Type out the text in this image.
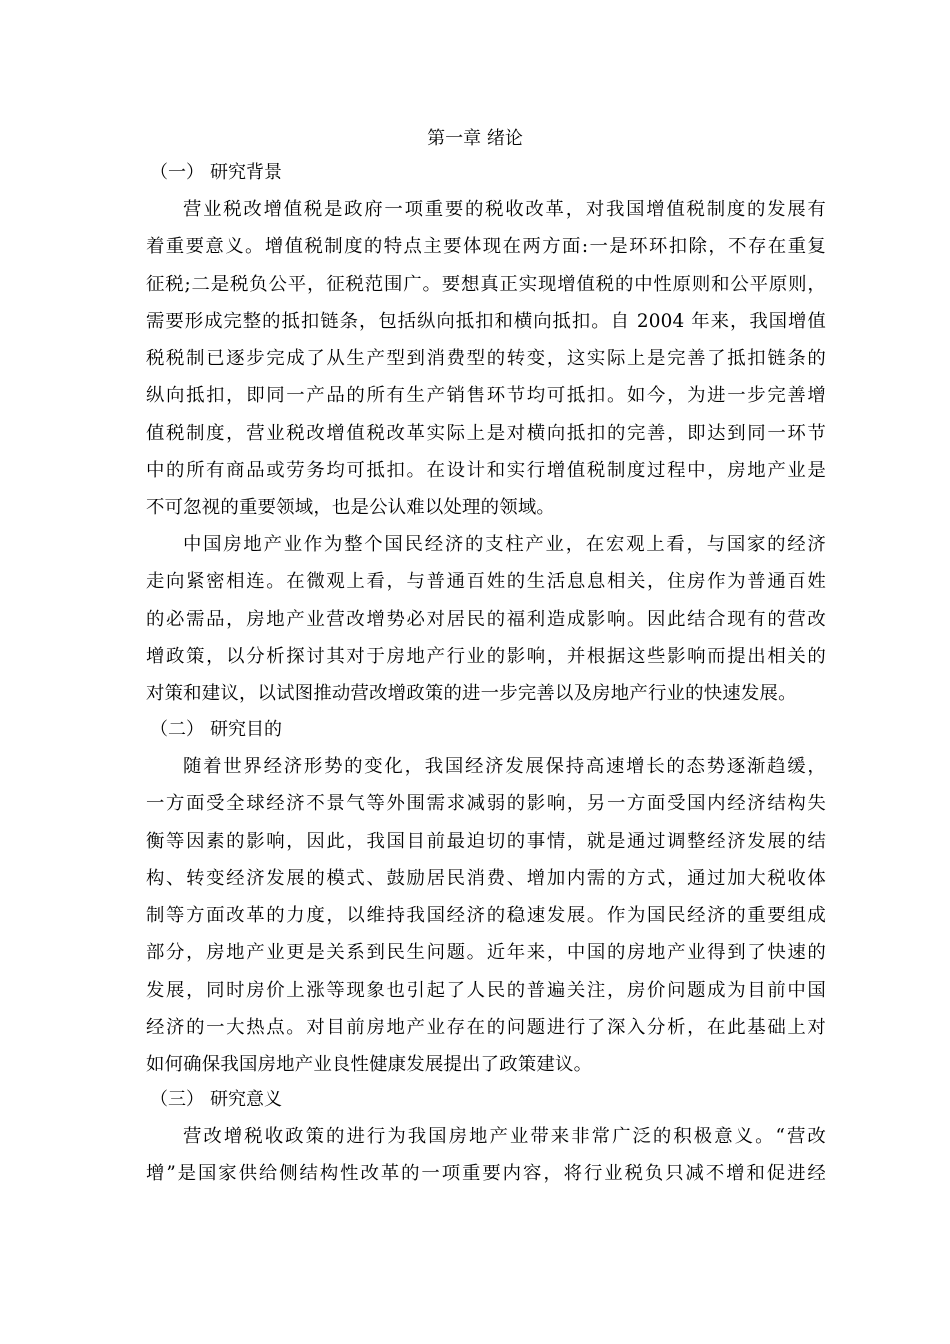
第一章 绪论
（一） 研究背景
营业税改增值税是政府一项重要的税收改革，对我国增值税制度的发展有
着重要意义。增值税制度的特点主要体现在两方面:一是环环扣除，不存在重复
征税;二是税负公平，征税范围广。要想真正实现增值税的中性原则和公平原则，
需要形成完整的抵扣链条，包括纵向抵扣和横向抵扣。自 2004 年来，我国增值
税税制已逐步完成了从生产型到消费型的转变，这实际上是完善了抵扣链条的
纵向抵扣，即同一产品的所有生产销售环节均可抵扣。如今，为进一步完善增
值税制度，营业税改增值税改革实际上是对横向抵扣的完善，即达到同一环节
中的所有商品或劳务均可抵扣。在设计和实行增值税制度过程中，房地产业是
不可忽视的重要领域，也是公认难以处理的领域。
中国房地产业作为整个国民经济的支柱产业，在宏观上看，与国家的经济
走向紧密相连。在微观上看，与普通百姓的生活息息相关，住房作为普通百姓
的必需品，房地产业营改增势必对居民的福利造成影响。因此结合现有的营改
增政策，以分析探讨其对于房地产行业的影响，并根据这些影响而提出相关的
对策和建议，以试图推动营改增政策的进一步完善以及房地产行业的快速发展。
（二） 研究目的
随着世界经济形势的变化，我国经济发展保持高速增长的态势逐渐趋缓，
一方面受全球经济不景气等外围需求减弱的影响，另一方面受国内经济结构失
衡等因素的影响，因此，我国目前最迫切的事情，就是通过调整经济发展的结
构、转变经济发展的模式、鼓励居民消费、增加内需的方式，通过加大税收体
制等方面改革的力度，以维持我国经济的稳速发展。作为国民经济的重要组成
部分，房地产业更是关系到民生问题。近年来，中国的房地产业得到了快速的
发展，同时房价上涨等现象也引起了人民的普遍关注，房价问题成为目前中国
经济的一大热点。对目前房地产业存在的问题进行了深入分析，在此基础上对
如何确保我国房地产业良性健康发展提出了政策建议。
（三） 研究意义
营改增税收政策的进行为我国房地产业带来非常广泛的积极意义。“营改
增”是国家供给侧结构性改革的一项重要内容，将行业税负只减不增和促进经
